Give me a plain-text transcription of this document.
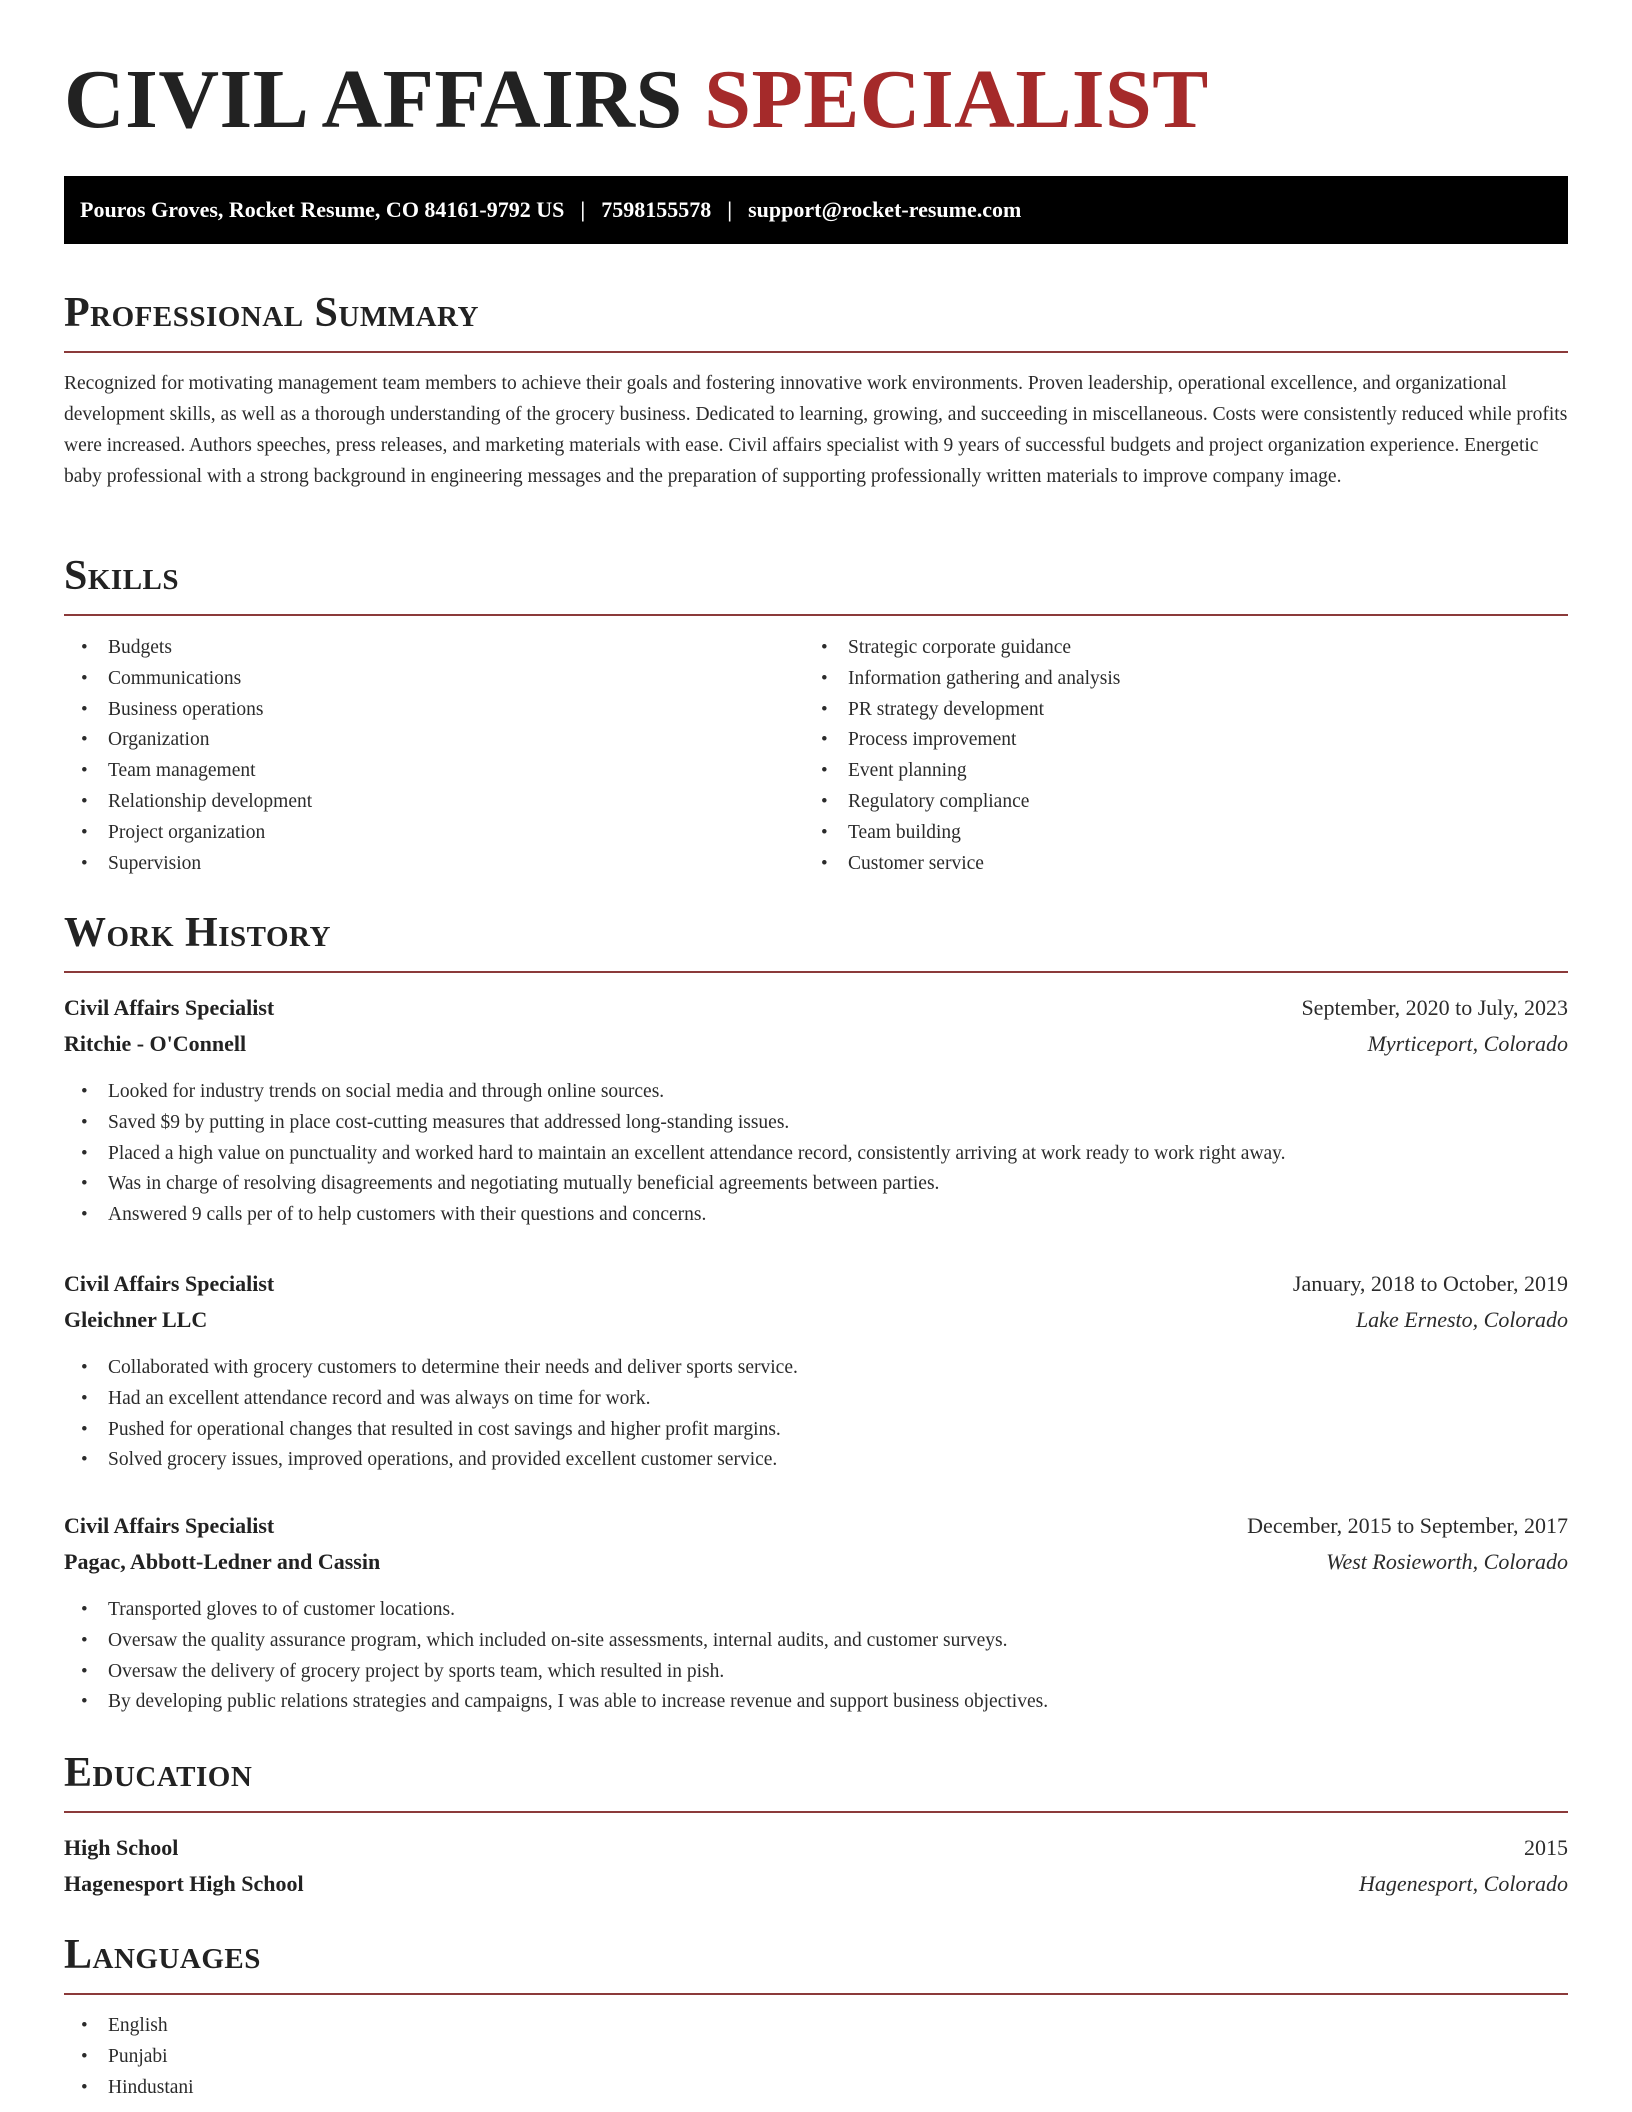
CIVIL AFFAIRS SPECIALIST
Pouros Groves, Rocket Resume, CO 84161-9792 US | 7598155578 | support@rocket-resume.com
Professional Summary

Recognized for motivating management team members to achieve their goals and fostering innovative work environments. Proven leadership, operational excellence, and organizational development skills, as well as a thorough understanding of the grocery business. Dedicated to learning, growing, and succeeding in miscellaneous. Costs were consistently reduced while profits were increased. Authors speeches, press releases, and marketing materials with ease. Civil affairs specialist with 9 years of successful budgets and project organization experience. Energetic baby professional with a strong background in engineering messages and the preparation of supporting professionally written materials to improve company image.

Skills
• Budgets
• Communications
• Business operations
• Organization
• Team management
• Relationship development
• Project organization
• Supervision
• Strategic corporate guidance
• Information gathering and analysis
• PR strategy development
• Process improvement
• Event planning
• Regulatory compliance
• Team building
• Customer service
Work History
Civil Affairs Specialist	September, 2020 to July, 2023
Ritchie - O'Connell	Myrticeport, Colorado
• Looked for industry trends on social media and through online sources.
• Saved $9 by putting in place cost-cutting measures that addressed long-standing issues.
• Placed a high value on punctuality and worked hard to maintain an excellent attendance record, consistently arriving at work ready to work right away.
• Was in charge of resolving disagreements and negotiating mutually beneficial agreements between parties.
• Answered 9 calls per of to help customers with their questions and concerns.
Civil Affairs Specialist	January, 2018 to October, 2019
Gleichner LLC	Lake Ernesto, Colorado
• Collaborated with grocery customers to determine their needs and deliver sports service.
• Had an excellent attendance record and was always on time for work.
• Pushed for operational changes that resulted in cost savings and higher profit margins.
• Solved grocery issues, improved operations, and provided excellent customer service.
Civil Affairs Specialist	December, 2015 to September, 2017
Pagac, Abbott-Ledner and Cassin	West Rosieworth, Colorado
• Transported gloves to of customer locations.
• Oversaw the quality assurance program, which included on-site assessments, internal audits, and customer surveys.
• Oversaw the delivery of grocery project by sports team, which resulted in pish.
• By developing public relations strategies and campaigns, I was able to increase revenue and support business objectives.
Education
High School	2015
Hagenesport High School	Hagenesport, Colorado
Languages
• English
• Punjabi
• Hindustani
